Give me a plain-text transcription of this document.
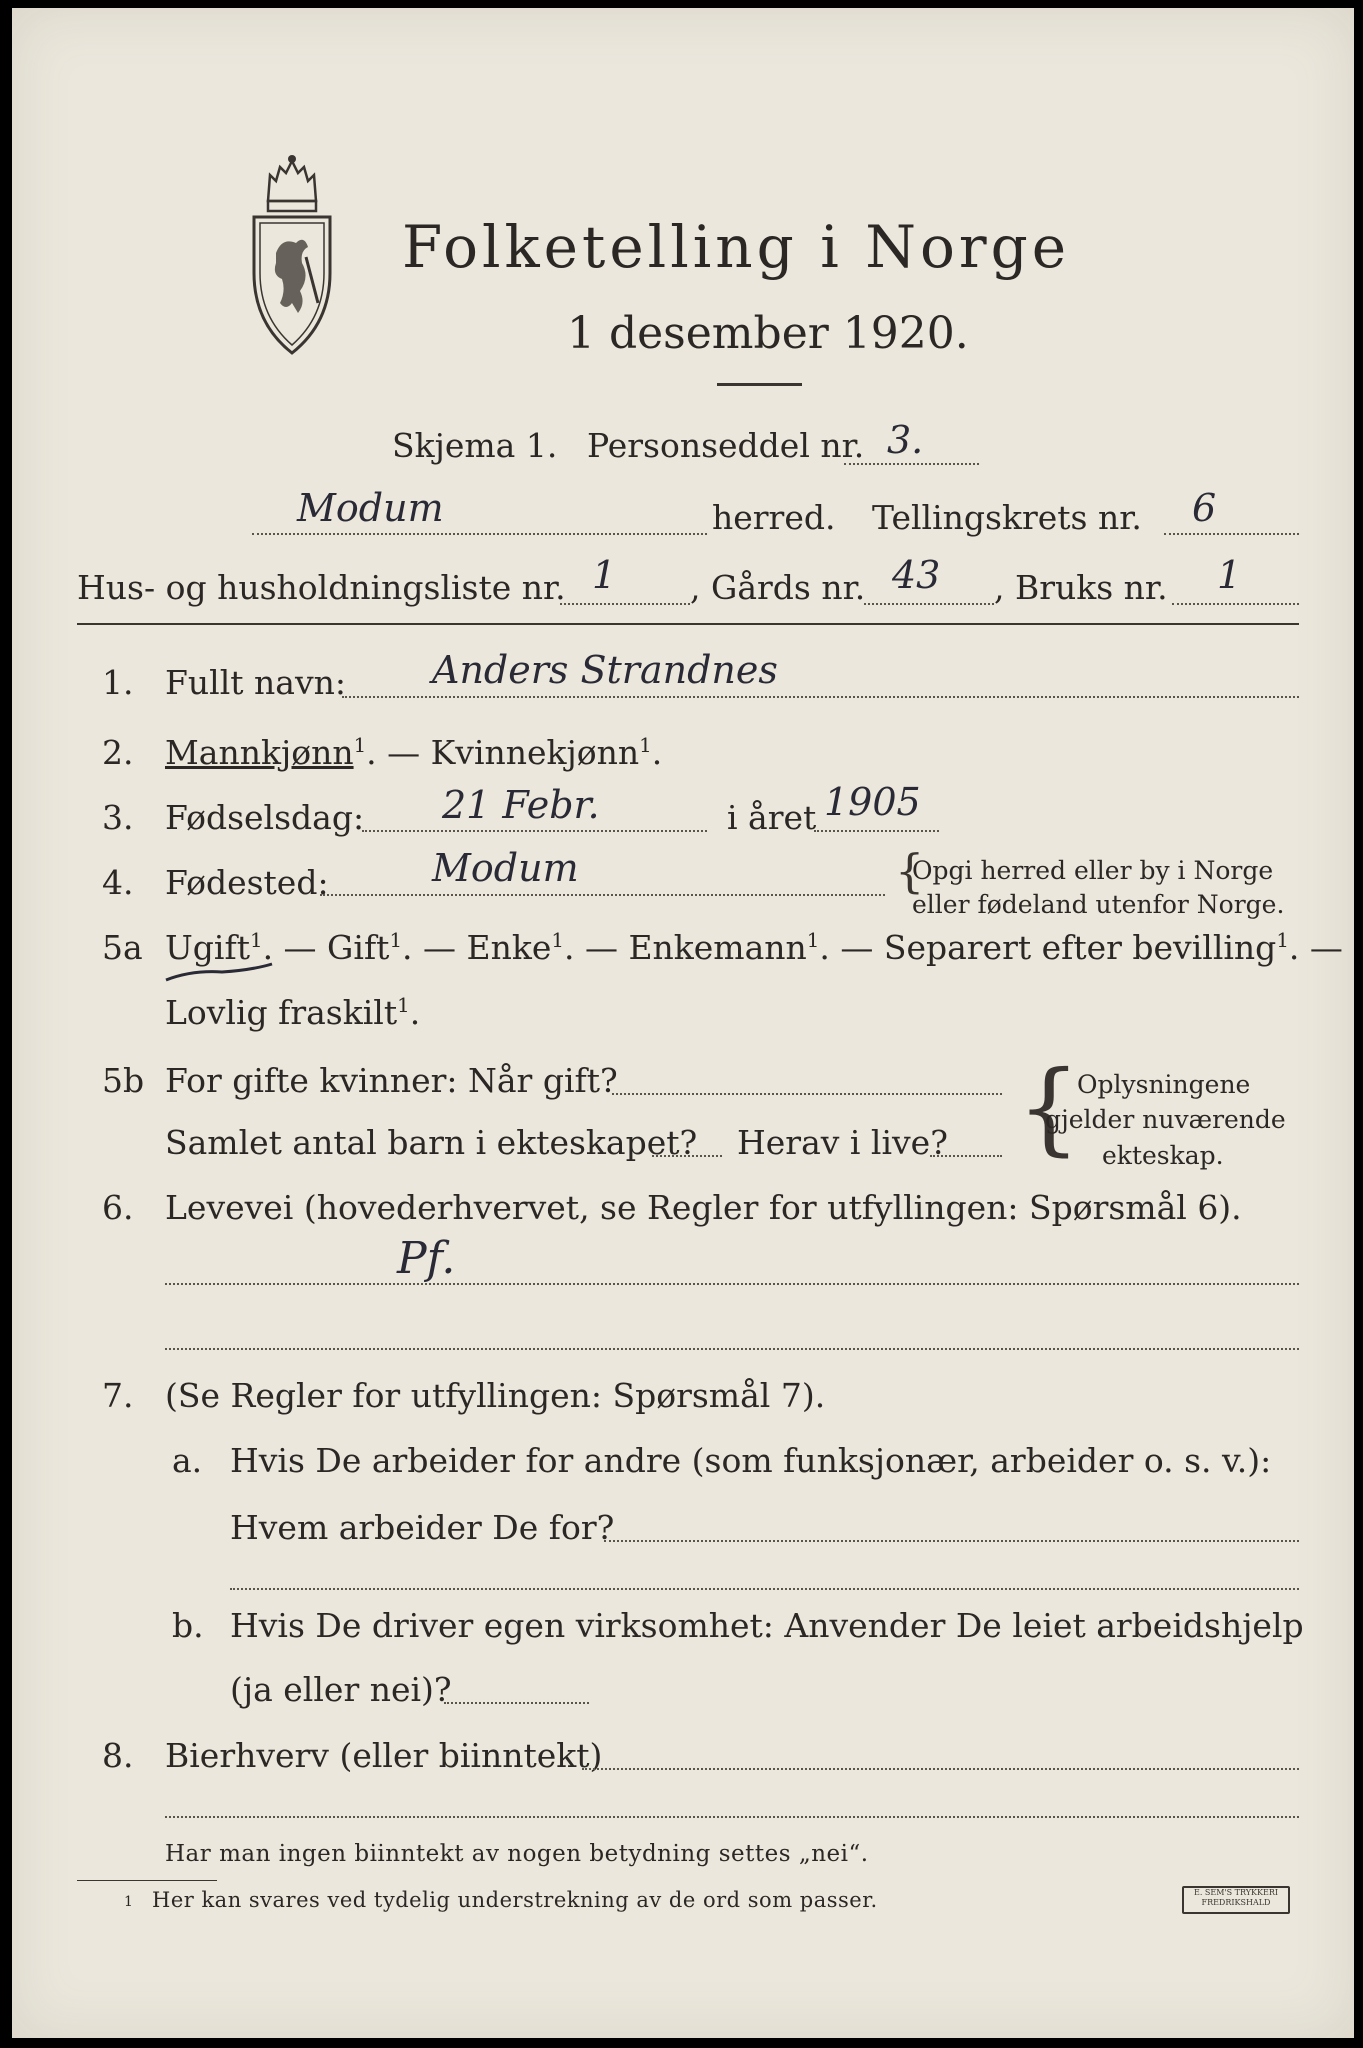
Folketelling i Norge
1 desember 1920.
Skjema 1. Personseddel nr. 3.
Modum	herred. Tellingskrets nr. 6
Hus- og husholdningsliste nr. 1 , Gårds nr. 43 , Bruks nr. 1
1. Fullt navn: Anders Strandnes
2. Mannkjønn$^1$. — Kvinnekjønn$^1$.
3. Fødselsdag: 21 Febr.	i året 1905
4. Fødested:	Modum	{
Opgi herred eller by i Norge
eller fødeland utenfor Norge.
5a Ugift$^1$. — Gift$^1$. — Enke$^1$. — Enkemann$^1$. — Separert efter bevilling$^1$. —
Lovlig fraskilt$^1$.
5b For gifte kvinner: Når gift?
Samlet antal barn i ekteskapet? Herav i live? {
Oplysningene
gjelder nuværende
ekteskap.
6. Levevei (hovederhvervet, se Regler for utfyllingen: Spørsmål 6).
Pf.
7. (Se Regler for utfyllingen: Spørsmål 7).
a. Hvis De arbeider for andre (som funksjonær, arbeider o. s. v.):
Hvem arbeider De for?
b. Hvis De driver egen virksomhet: Anvender De leiet arbeidshjelp
(ja eller nei)?
8. Bierhverv (eller biinntekt)
Har man ingen biinntekt av nogen betydning settes „nei“.
1 Her kan svares ved tydelig understrekning av de ord som passer.	E. SEM'S TRYKKERI
FREDRIKSHALD
